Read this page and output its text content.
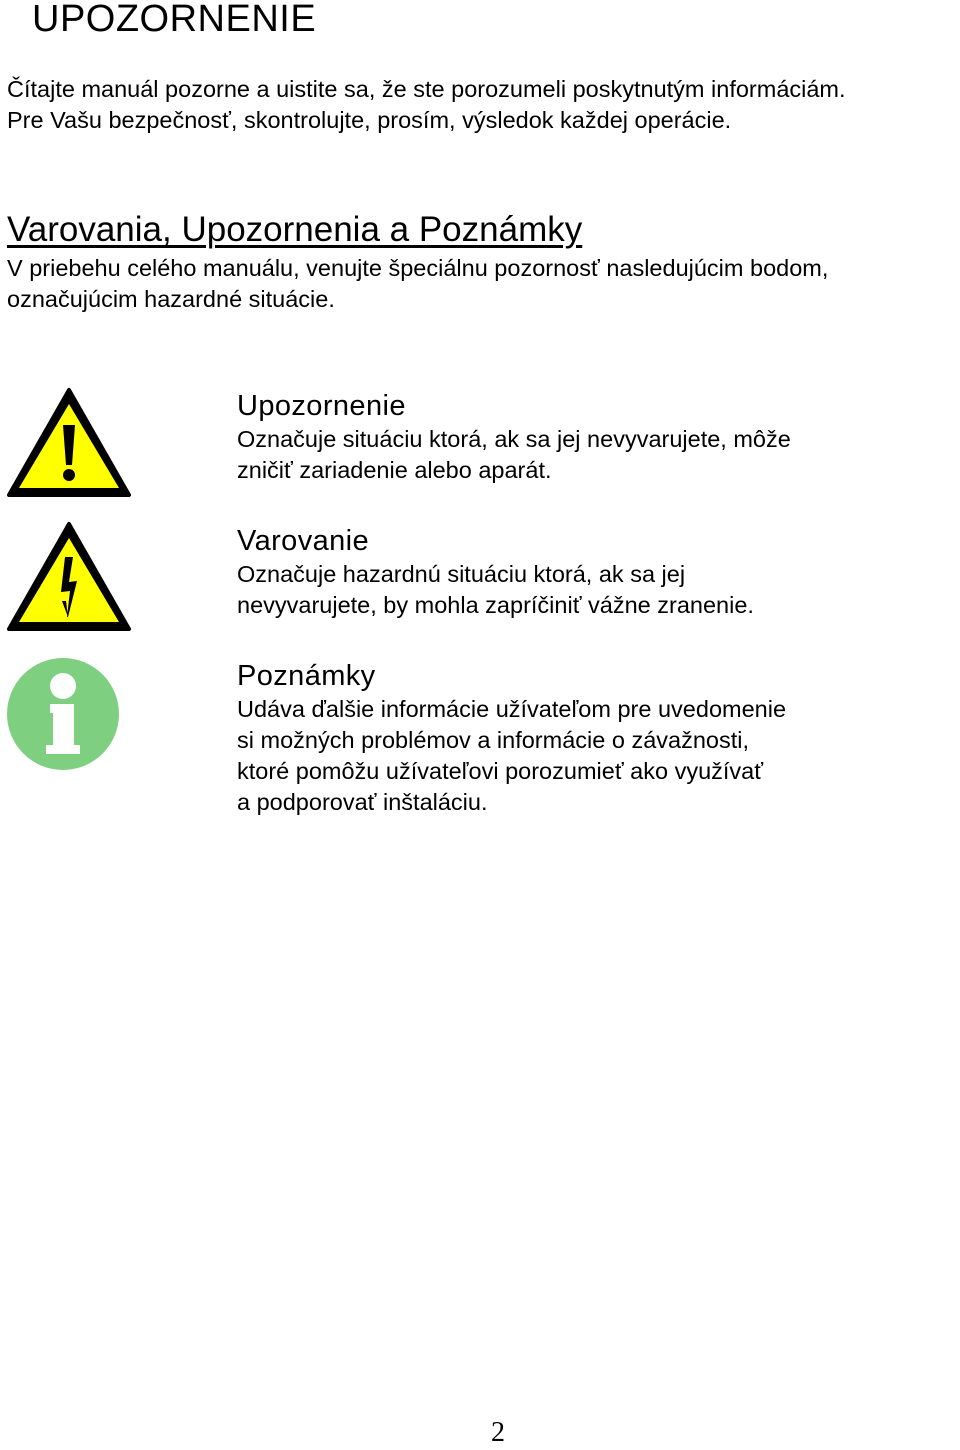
UPOZORNENIE

Čítajte manuál pozorne a uistite sa, že ste porozumeli poskytnutým informáciám.
Pre Vašu bezpečnosť, skontrolujte, prosím, výsledok každej operácie.

Varovania, Upozornenia a Poznámky

V priebehu celého manuálu, venujte špeciálnu pozornosť nasledujúcim bodom,
označujúcim hazardné situácie.

Upozornenie

Označuje situáciu ktorá, ak sa jej nevyvarujete, môže
zničiť zariadenie alebo aparát.

Varovanie

Označuje hazardnú situáciu ktorá, ak sa jej
nevyvarujete, by mohla zapríčiniť vážne zranenie.

Poznámky

Udáva ďalšie informácie užívateľom pre uvedomenie
si možných problémov a informácie o závažnosti,
ktoré pomôžu užívateľovi porozumieť ako využívať
a podporovať inštaláciu.

2
